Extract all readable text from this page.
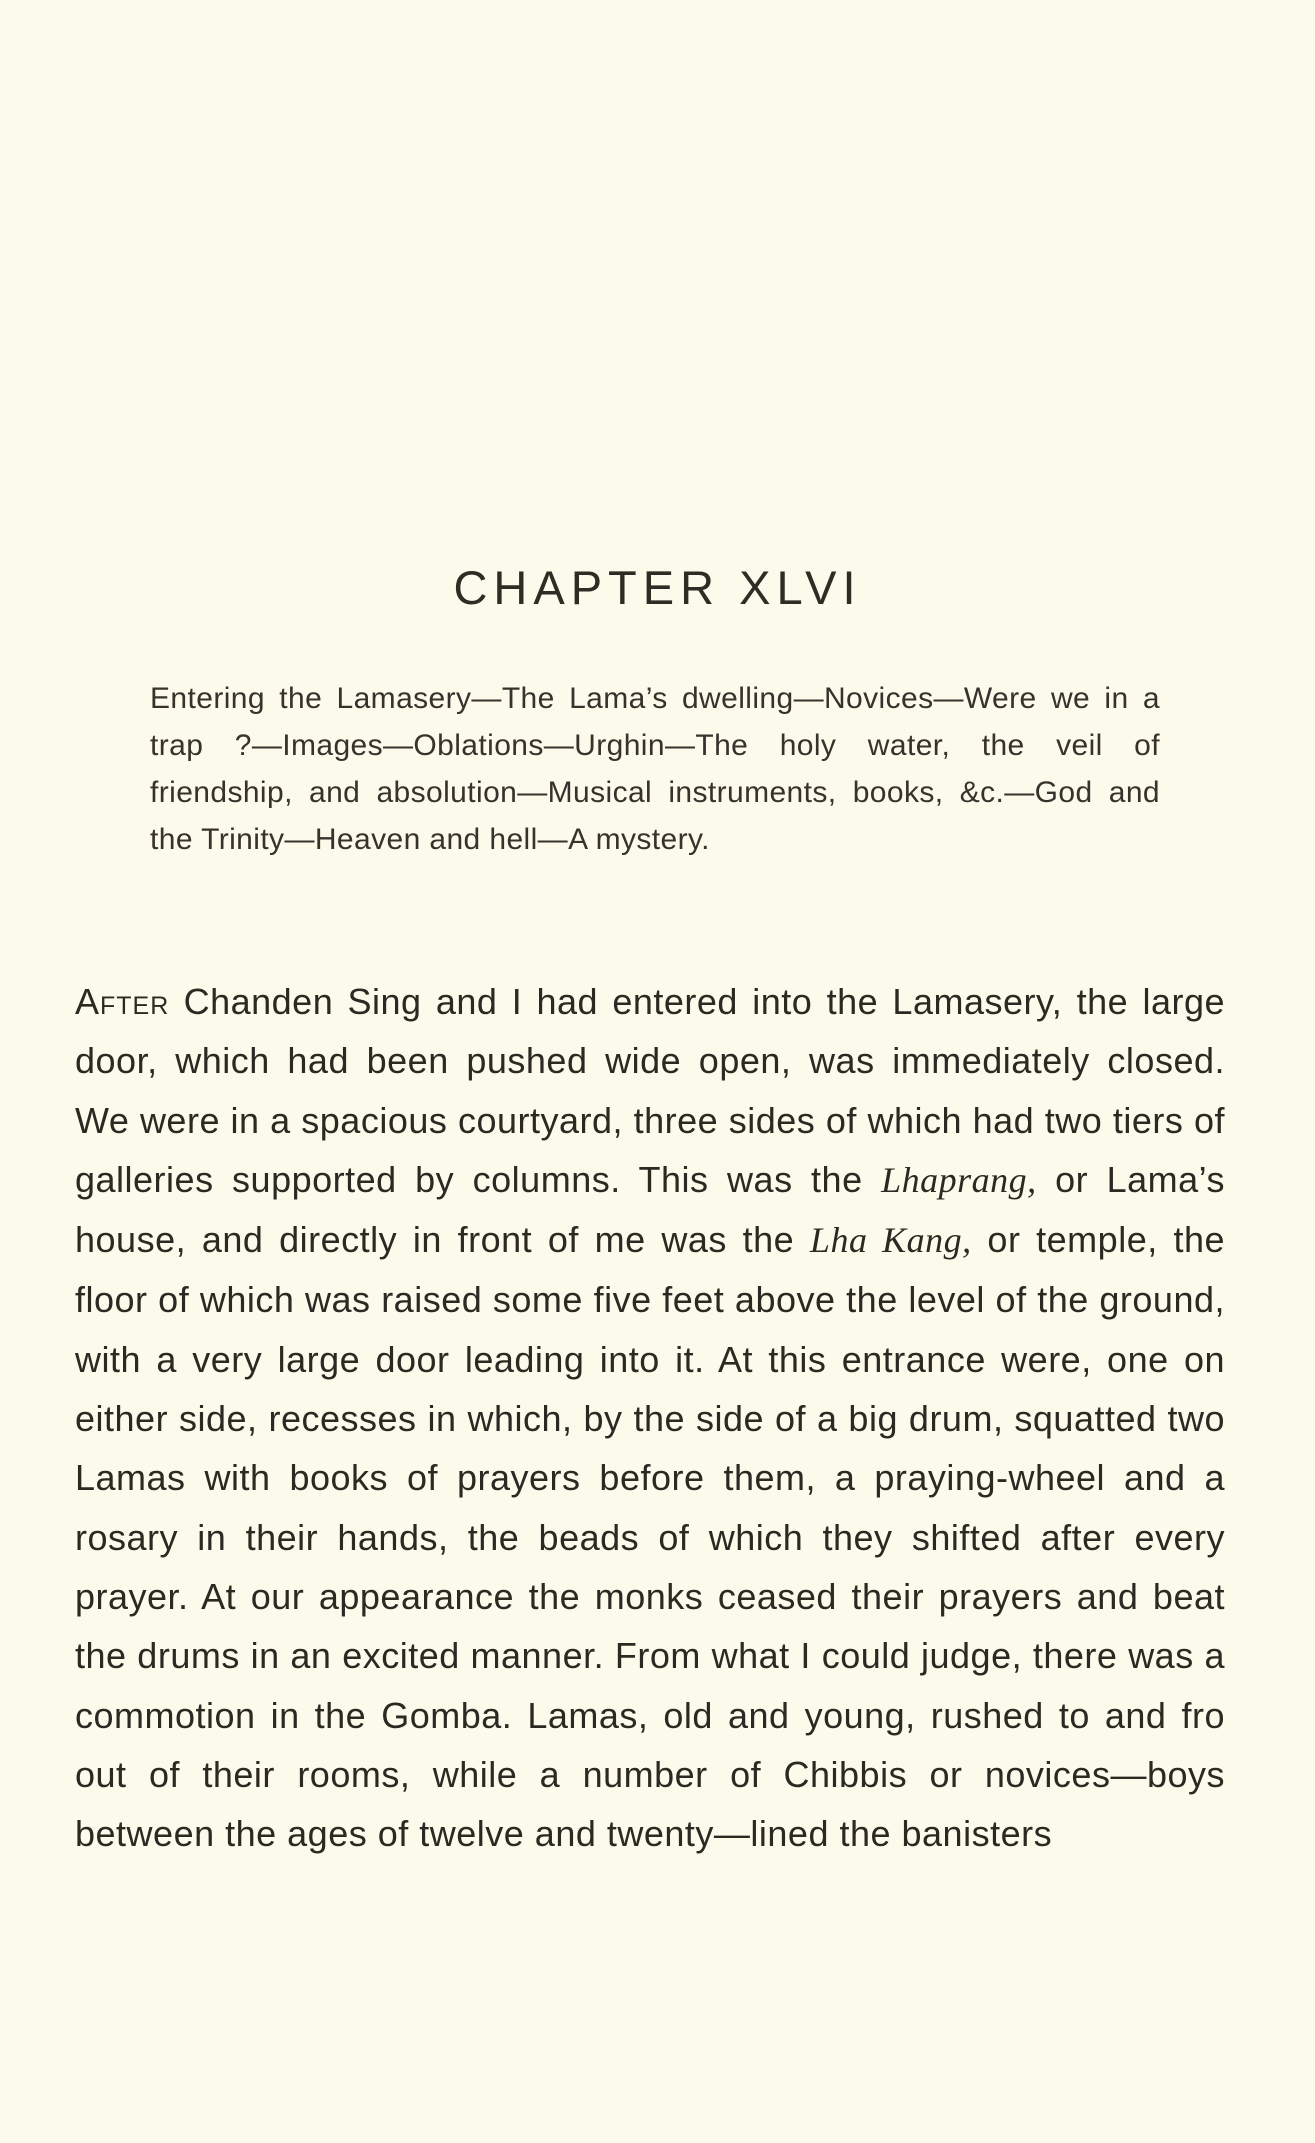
CHAPTER XLVI

Entering the Lamasery—The Lama’s dwelling—Novices—Were we in a trap ?—Images—Oblations—Urghin—The holy water, the veil of friendship, and absolution—Musical instruments, books, &c.—God and the Trinity—Heaven and hell—A mystery.

After Chanden Sing and I had entered into the Lamasery, the large door, which had been pushed wide open, was immediately closed. We were in a spacious courtyard, three sides of which had two tiers of galleries supported by columns. This was the Lhaprang, or Lama’s house, and directly in front of me was the Lha Kang, or temple, the floor of which was raised some five feet above the level of the ground, with a very large door leading into it. At this entrance were, one on either side, recesses in which, by the side of a big drum, squatted two Lamas with books of prayers before them, a praying-wheel and a rosary in their hands, the beads of which they shifted after every prayer. At our appearance the monks ceased their prayers and beat the drums in an excited manner. From what I could judge, there was a commotion in the Gomba. Lamas, old and young, rushed to and fro out of their rooms, while a number of Chibbis or novices—boys between the ages of twelve and twenty—lined the banisters
